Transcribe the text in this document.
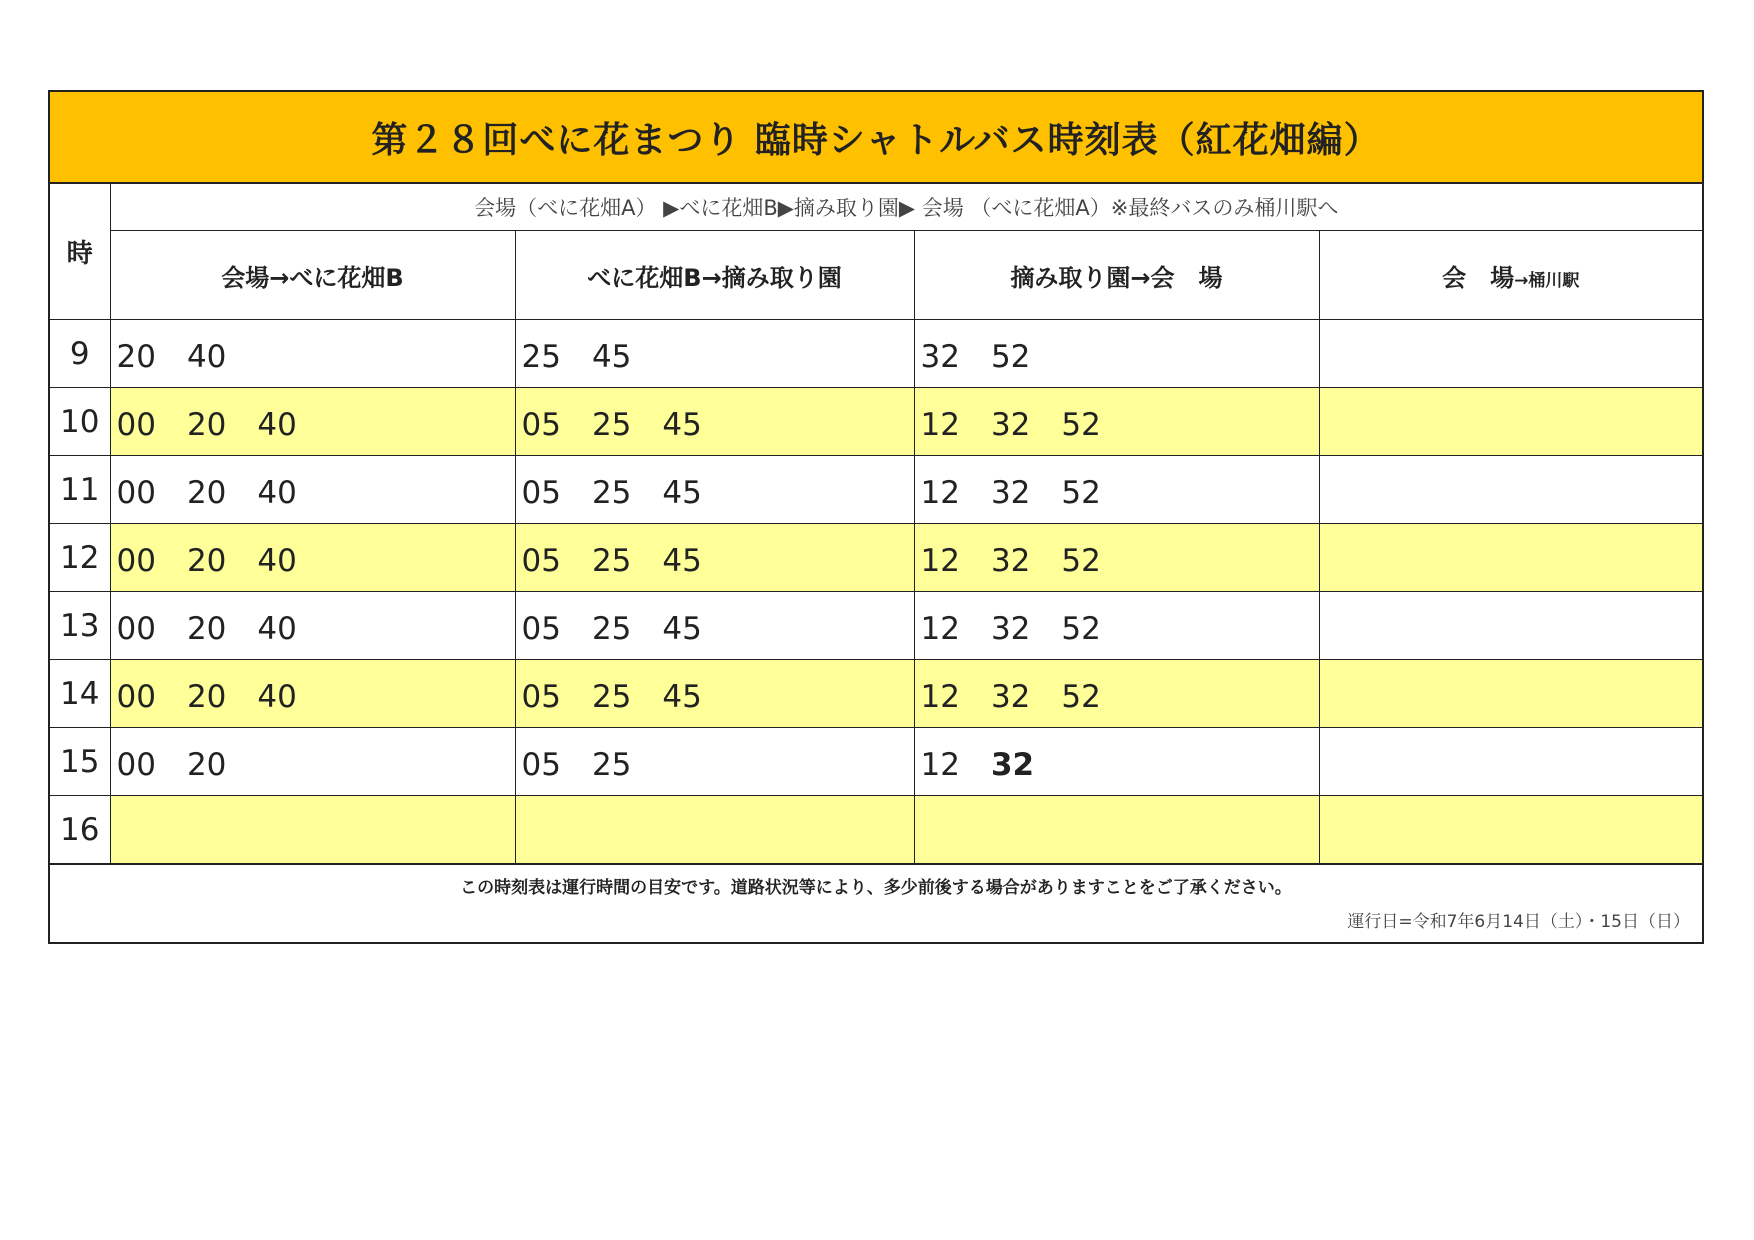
第２８回べに花まつり 臨時シャトルバス時刻表（紅花畑編）
時	会場（べに花畑A） ▶べに花畑B▶摘み取り園▶ 会場 （べに花畑A）※最終バスのみ桶川駅へ			
	会場→べに花畑B	べに花畑B→摘み取り園	摘み取り園→会　場	会　場→桶川駅
9	20　40	25　45	32　52	
10	00　20　40	05　25　45	12　32　52	
11	00　20　40	05　25　45	12　32　52	
12	00　20　40	05　25　45	12　32　52	
13	00　20　40	05　25　45	12　32　52	
14	00　20　40	05　25　45	12　32　52	
15	00　20	05　25	12　32	
16				
この時刻表は運行時間の目安です。道路状況等により、多少前後する場合がありますことをご了承ください。
運行日=令和7年6月14日（土）・15日（日）
